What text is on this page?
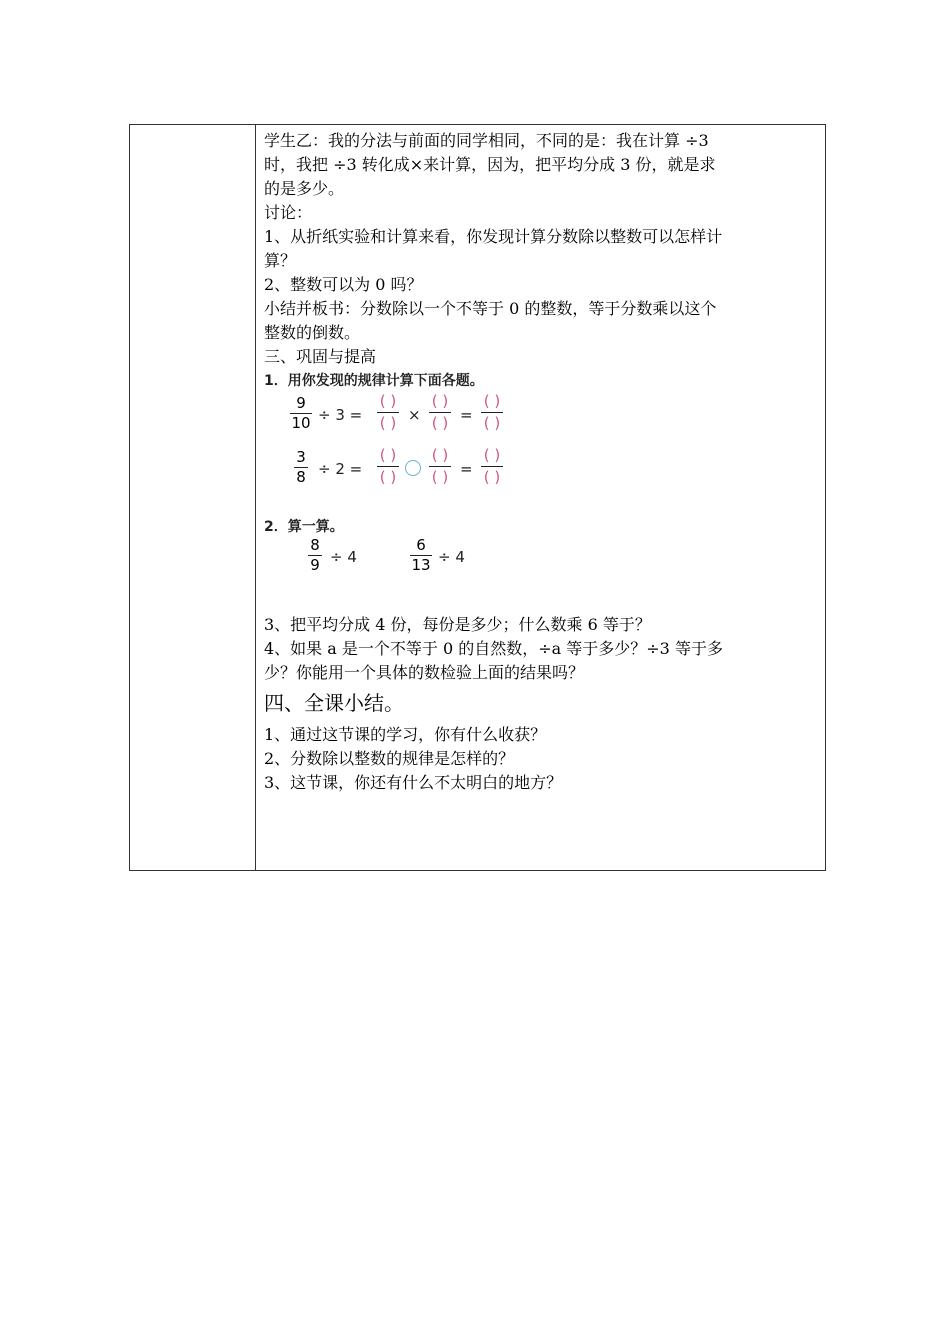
学生乙：我的分法与前面的同学相同，不同的是：我在计算 ÷3

时，我把 ÷3 转化成×来计算，因为，把平均分成 3 份，就是求

的是多少。

讨论：

1、从折纸实验和计算来看，你发现计算分数除以整数可以怎样计

算？

2、整数可以为 0 吗？

小结并板书：分数除以一个不等于 0 的整数，等于分数乘以这个

整数的倒数。

三、巩固与提高

1．用你发现的规律计算下面各题。
9
10 ÷ 3 =
( )
( ) ×
( )
( ) =
( )
( )
3
8 ÷ 2 =
( )
( )
( )
( ) =
( )
( )
2．算一算。
8
9 ÷ 4
6
13 ÷ 4

3、把平均分成 4 份，每份是多少；什么数乘 6 等于？

4、如果 a 是一个不等于 0 的自然数，÷a 等于多少？÷3 等于多

少？你能用一个具体的数检验上面的结果吗？

四、全课小结。

1、通过这节课的学习，你有什么收获？

2、分数除以整数的规律是怎样的？

3、这节课，你还有什么不太明白的地方？
